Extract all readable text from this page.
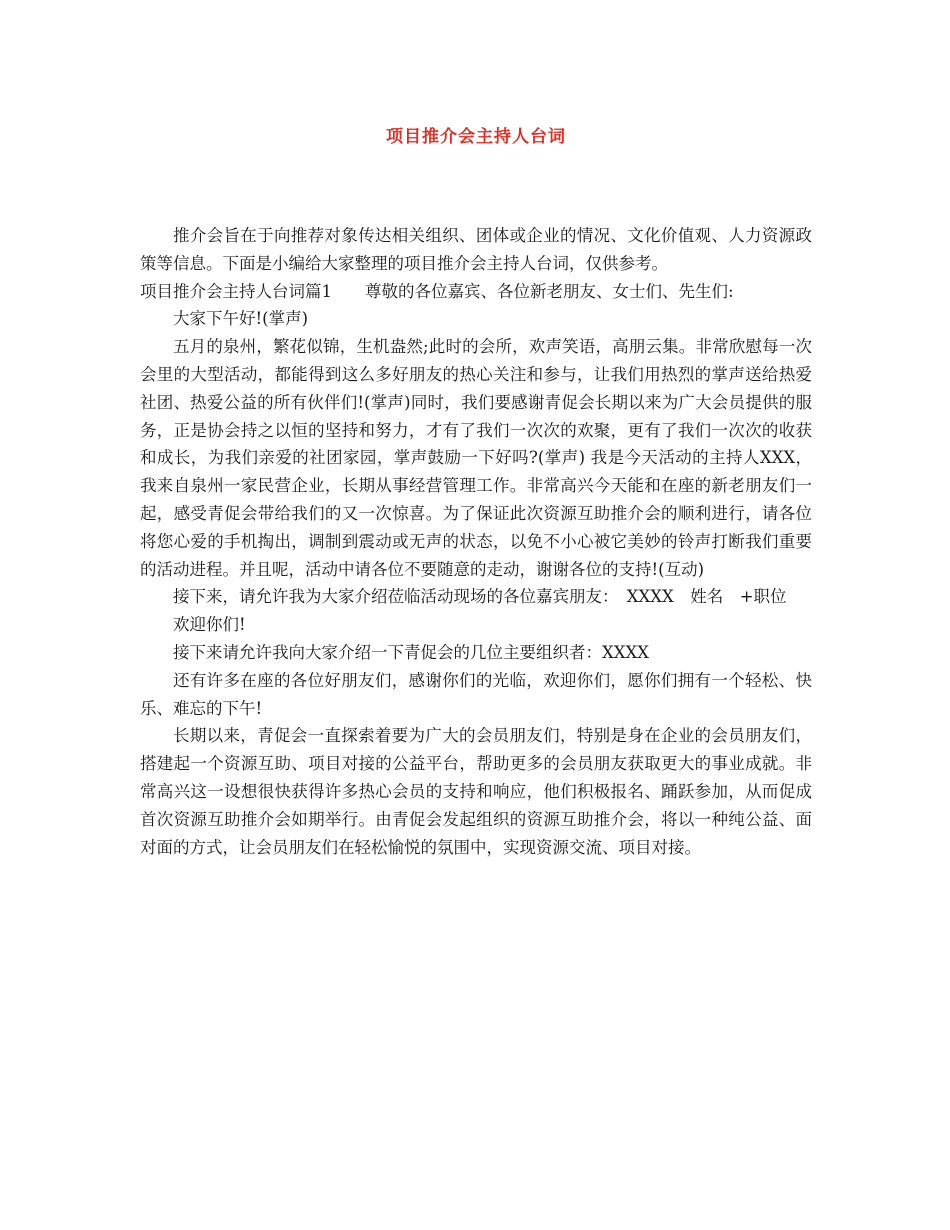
项目推介会主持人台词

推介会旨在于向推荐对象传达相关组织、团体或企业的情况、文化价值观、人力资源政策等信息。下面是小编给大家整理的项目推介会主持人台词，仅供参考。

项目推介会主持人台词篇1　　尊敬的各位嘉宾、各位新老朋友、女士们、先生们:

大家下午好!(掌声)

五月的泉州，繁花似锦，生机盎然;此时的会所，欢声笑语，高朋云集。非常欣慰每一次会里的大型活动，都能得到这么多好朋友的热心关注和参与，让我们用热烈的掌声送给热爱社团、热爱公益的所有伙伴们!(掌声)同时，我们要感谢青促会长期以来为广大会员提供的服务，正是协会持之以恒的坚持和努力，才有了我们一次次的欢聚，更有了我们一次次的收获和成长，为我们亲爱的社团家园，掌声鼓励一下好吗?(掌声) 我是今天活动的主持人XXX，我来自泉州一家民营企业，长期从事经营管理工作。非常高兴今天能和在座的新老朋友们一起，感受青促会带给我们的又一次惊喜。为了保证此次资源互助推介会的顺利进行，请各位将您心爱的手机掏出，调制到震动或无声的状态，以免不小心被它美妙的铃声打断我们重要的活动进程。并且呢，活动中请各位不要随意的走动，谢谢各位的支持!(互动)

接下来，请允许我为大家介绍莅临活动现场的各位嘉宾朋友：　XXXX　姓名　+职位

欢迎你们!

接下来请允许我向大家介绍一下青促会的几位主要组织者：XXXX

还有许多在座的各位好朋友们，感谢你们的光临，欢迎你们，愿你们拥有一个轻松、快乐、难忘的下午!

长期以来，青促会一直探索着要为广大的会员朋友们，特别是身在企业的会员朋友们，搭建起一个资源互助、项目对接的公益平台，帮助更多的会员朋友获取更大的事业成就。非常高兴这一设想很快获得许多热心会员的支持和响应，他们积极报名、踊跃参加，从而促成首次资源互助推介会如期举行。由青促会发起组织的资源互助推介会，将以一种纯公益、面对面的方式，让会员朋友们在轻松愉悦的氛围中，实现资源交流、项目对接。
